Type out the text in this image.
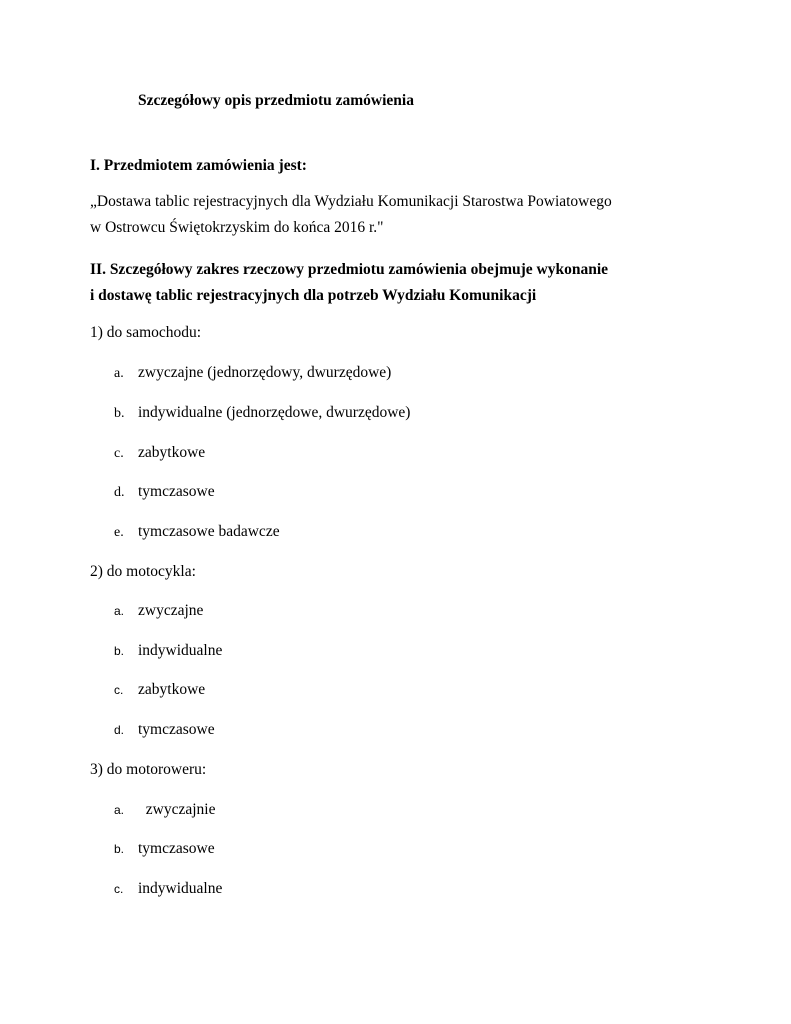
Szczegółowy opis przedmiotu zamówienia
I. Przedmiotem zamówienia jest:
„Dostawa tablic rejestracyjnych dla Wydziału Komunikacji Starostwa Powiatowego
w Ostrowcu Świętokrzyskim do końca 2016 r."
II. Szczegółowy zakres rzeczowy przedmiotu zamówienia obejmuje wykonanie
i dostawę tablic rejestracyjnych dla potrzeb Wydziału Komunikacji
1) do samochodu:
a. zwyczajne (jednorzędowy, dwurzędowe)
b. indywidualne (jednorzędowe, dwurzędowe)
c. zabytkowe
d. tymczasowe
e. tymczasowe badawcze
2) do motocykla:
a. zwyczajne
b. indywidualne
c. zabytkowe
d. tymczasowe
3) do motoroweru:
a.  zwyczajnie
b. tymczasowe
c. indywidualne
